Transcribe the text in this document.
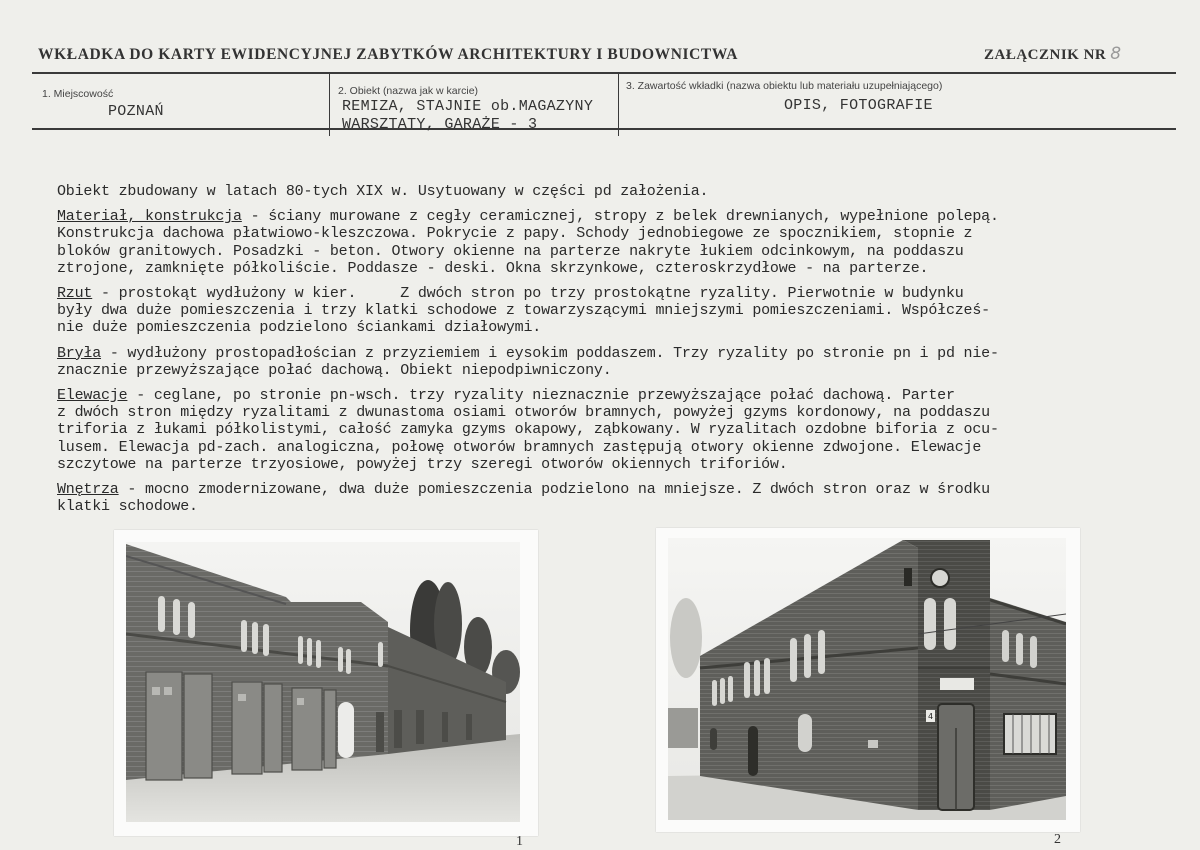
WKŁADKA DO KARTY EWIDENCYJNEJ ZABYTKÓW ARCHITEKTURY I BUDOWNICTWA	ZAŁĄCZNIK NR 8
1. Miejscowość
POZNAŃ
2. Obiekt (nazwa jak w karcie)
REMIZA, STAJNIE ob.MAGAZYNY
WARSZTATY, GARAŻE - 3
3. Zawartość wkładki (nazwa obiektu lub materiału uzupełniającego)
OPIS, FOTOGRAFIE
Obiekt zbudowany w latach 80-tych XIX w. Usytuowany w części pd założenia.
Materiał, konstrukcja - ściany murowane z cegły ceramicznej, stropy z belek drewnianych, wypełnione polepą.
Konstrukcja dachowa płatwiowo-kleszczowa. Pokrycie z papy. Schody jednobiegowe ze spocznikiem, stopnie z
bloków granitowych. Posadzki - beton. Otwory okienne na parterze nakryte łukiem odcinkowym, na poddaszu
ztrojone, zamknięte półkoliście. Poddasze - deski. Okna skrzynkowe, czteroskrzydłowe - na parterze.
Rzut - prostokąt wydłużony w kier.     Z dwóch stron po trzy prostokątne ryzality. Pierwotnie w budynku
były dwa duże pomieszczenia i trzy klatki schodowe z towarzyszącymi mniejszymi pomieszczeniami. Współcześ-
nie duże pomieszczenia podzielono ściankami działowymi.
Bryła - wydłużony prostopadłościan z przyziemiem i eysokim poddaszem. Trzy ryzality po stronie pn i pd nie-
znacznie przewyższające połać dachową. Obiekt niepodpiwniczony.
Elewacje - ceglane, po stronie pn-wsch. trzy ryzality nieznacznie przewyższające połać dachową. Parter
z dwóch stron między ryzalitami z dwunastoma osiami otworów bramnych, powyżej gzyms kordonowy, na poddaszu
triforia z łukami półkolistymi, całość zamyka gzyms okapowy, ząbkowany. W ryzalitach ozdobne biforia z ocu-
lusem. Elewacja pd-zach. analogiczna, połowę otworów bramnych zastępują otwory okienne zdwojone. Elewacje
szczytowe na parterze trzyosiowe, powyżej trzy szeregi otworów okiennych triforiów.
Wnętrza - mocno zmodernizowane, dwa duże pomieszczenia podzielono na mniejsze. Z dwóch stron oraz w środku
klatki schodowe.
1
4
2
